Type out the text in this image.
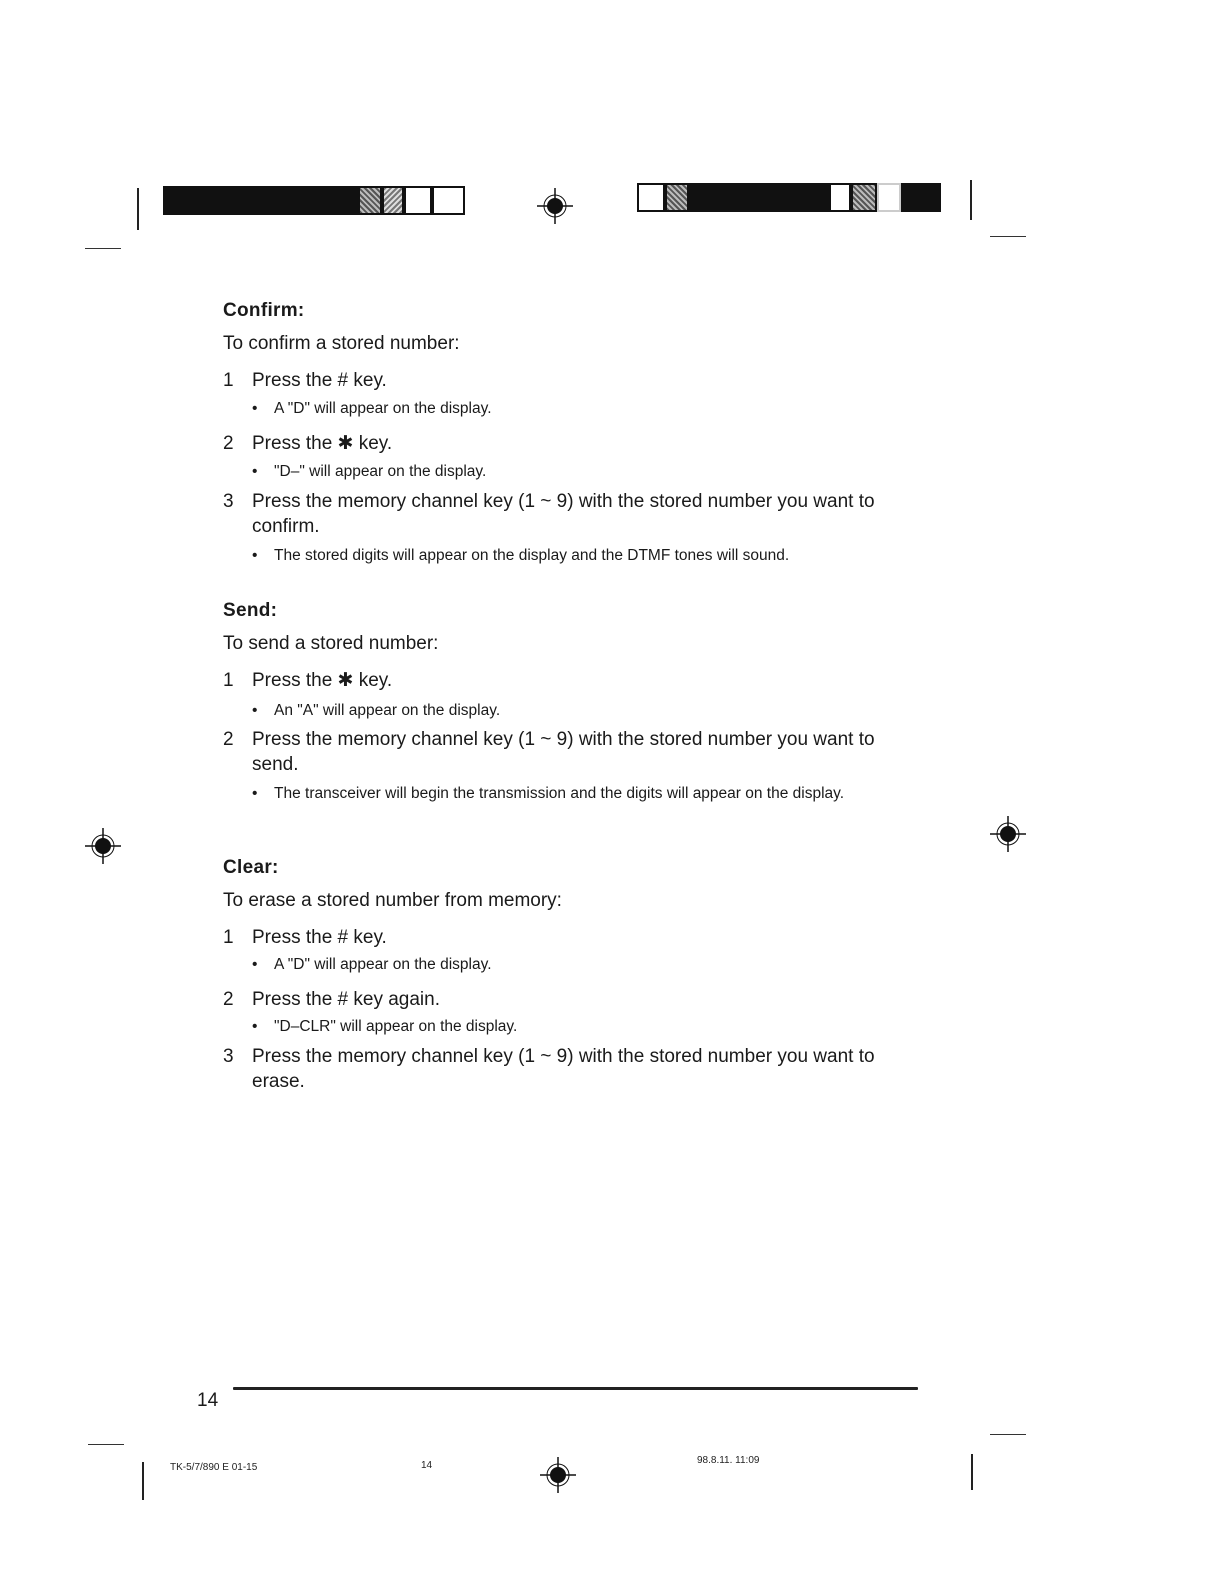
Confirm:
To confirm a stored number:
1 Press the # key.
• A "D" will appear on the display.
2 Press the ✱ key.
• "D–" will appear on the display.
3 Press the memory channel key (1 ~ 9) with the stored number you want to confirm.
• The stored digits will appear on the display and the DTMF tones will sound.
Send:
To send a stored number:
1 Press the ✱ key.
• An "A" will appear on the display.
2 Press the memory channel key (1 ~ 9) with the stored number you want to send.
• The transceiver will begin the transmission and the digits will appear on the display.
Clear:
To erase a stored number from memory:
1 Press the # key.
• A "D" will appear on the display.
2 Press the # key again.
• "D–CLR" will appear on the display.
3 Press the memory channel key (1 ~ 9) with the stored number you want to erase.
14
TK-5/7/890 E 01-15	14	98.8.11. 11:09
